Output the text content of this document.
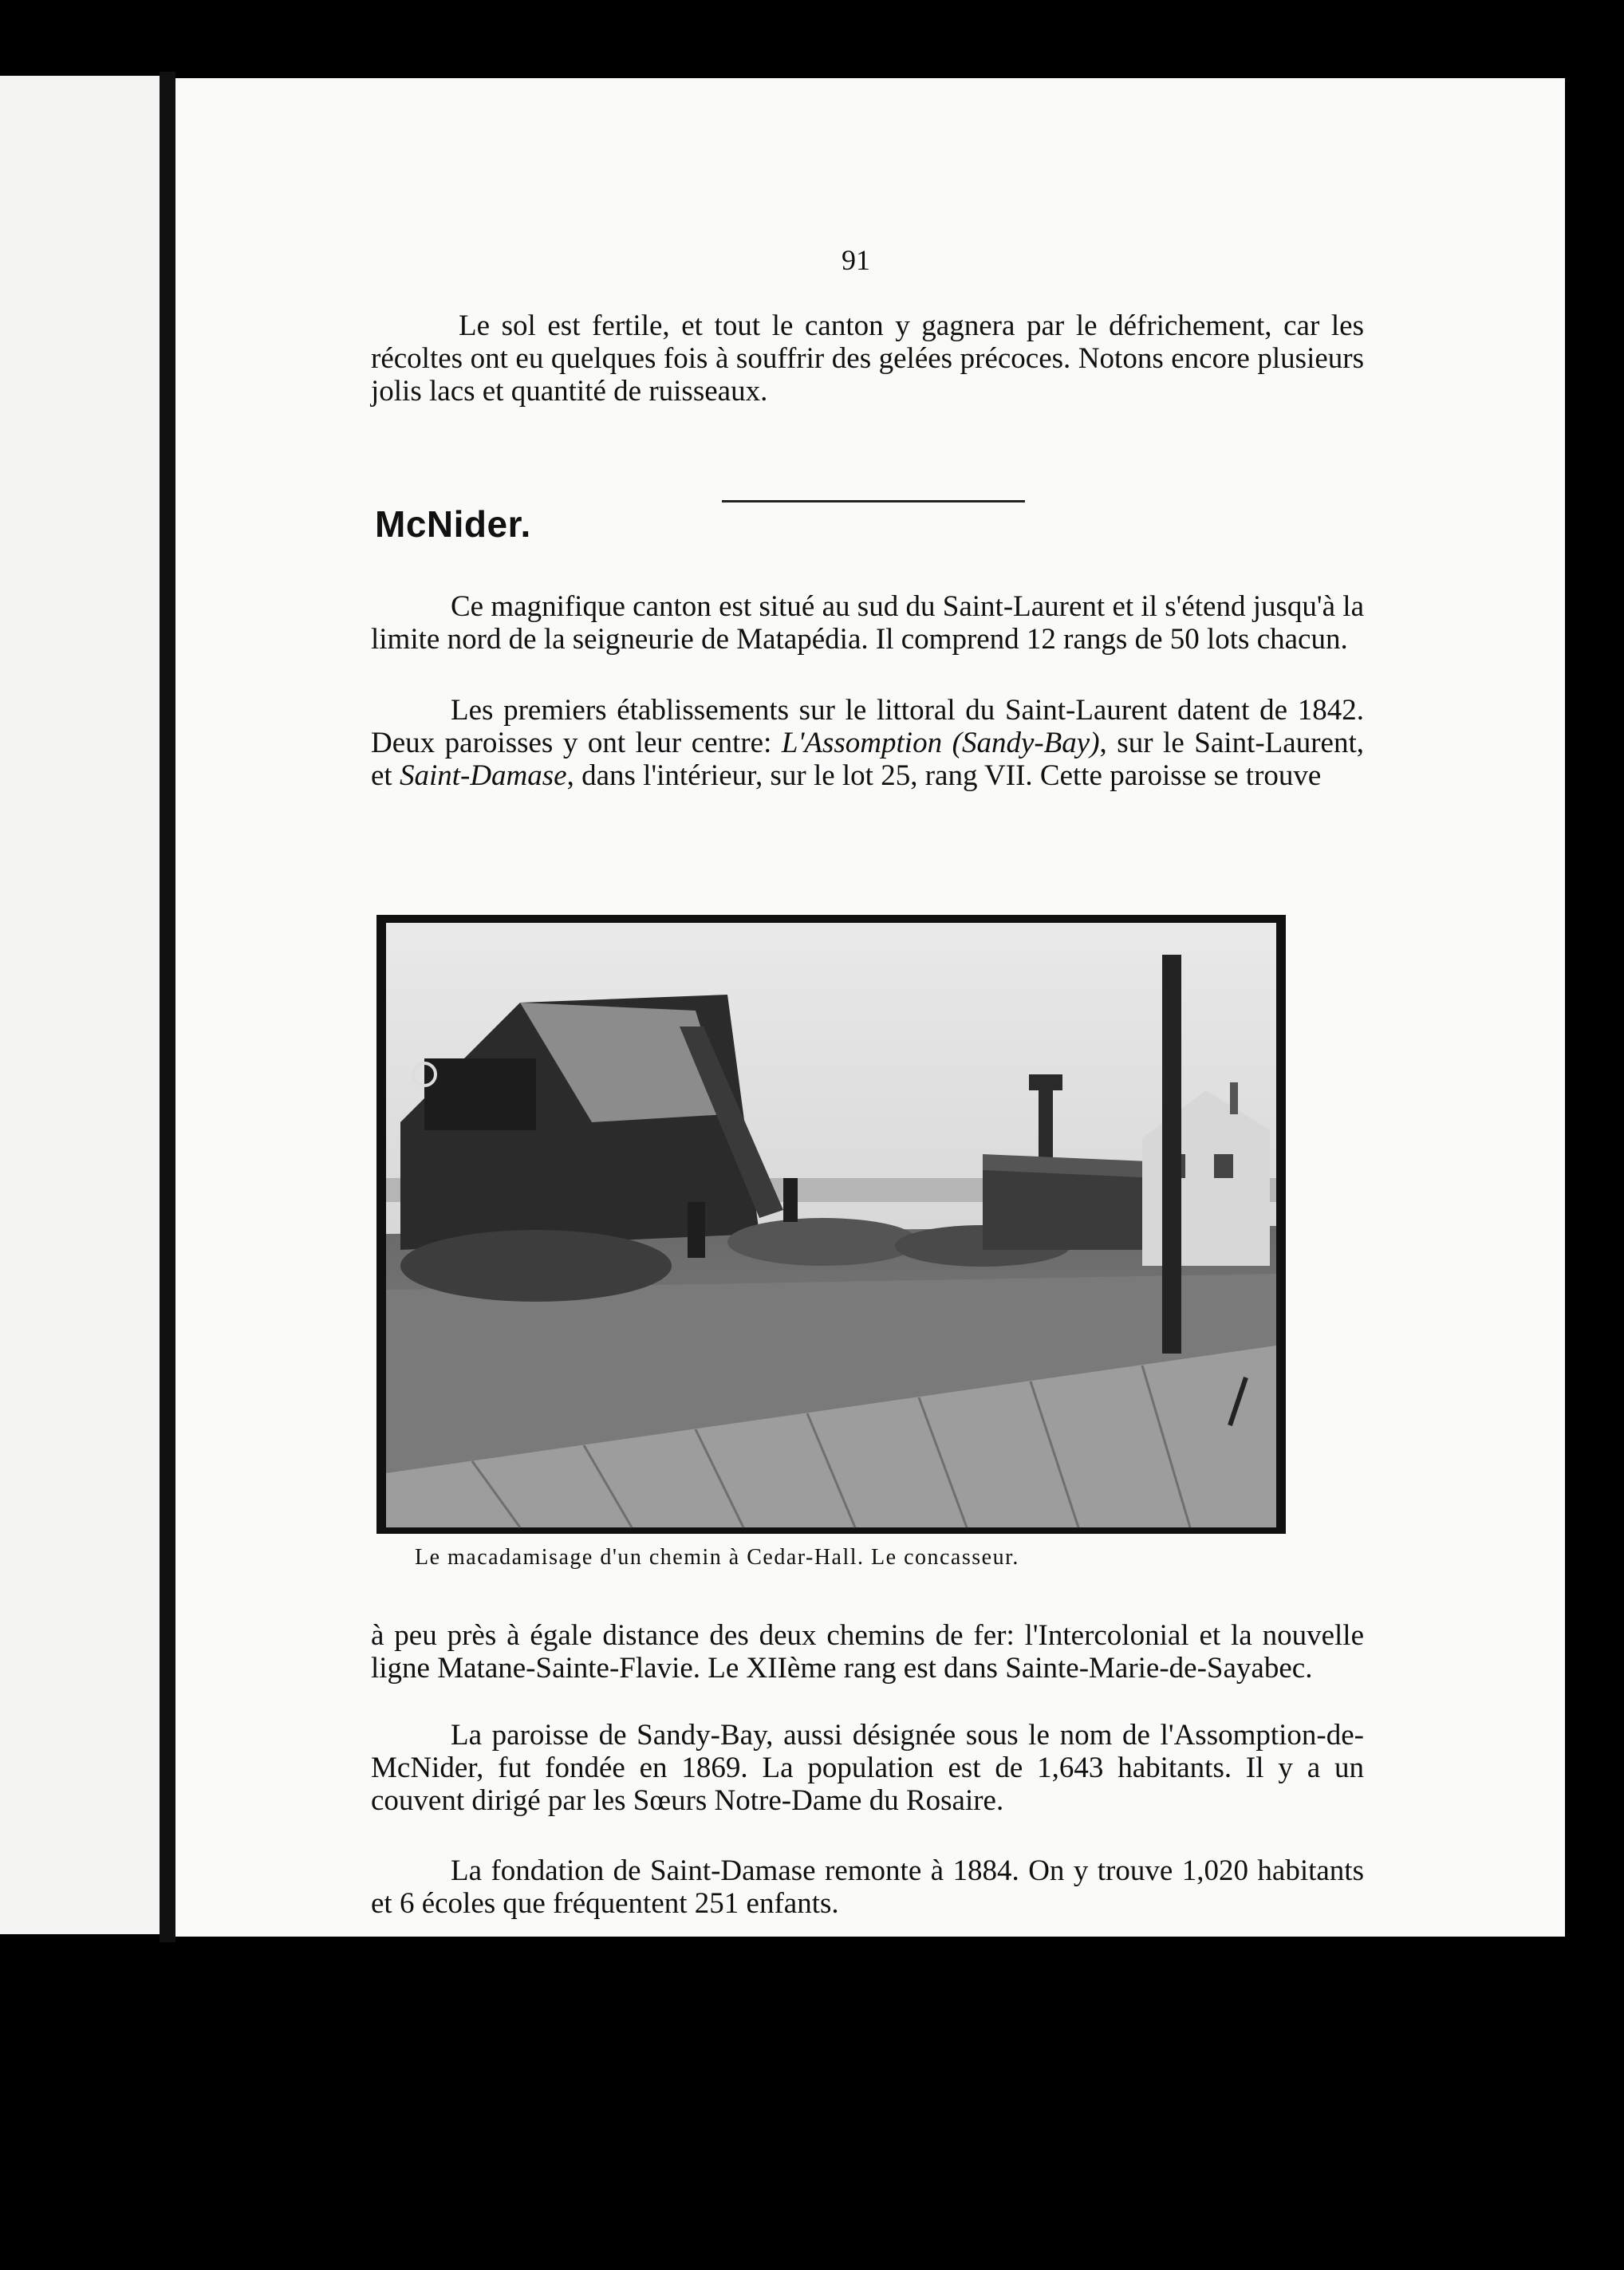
91

Le sol est fertile, et tout le canton y gagnera par le défrichement, car les récoltes ont eu quelques fois à souffrir des gelées précoces. Notons encore plusieurs jolis lacs et quantité de ruisseaux.

McNider.

Ce magnifique canton est situé au sud du Saint-Laurent et il s'étend jusqu'à la limite nord de la seigneurie de Matapédia. Il comprend 12 rangs de 50 lots chacun.

Les premiers établissements sur le littoral du Saint-Laurent datent de 1842. Deux paroisses y ont leur centre: L'Assomption (Sandy-Bay), sur le Saint-Laurent, et Saint-Damase, dans l'intérieur, sur le lot 25, rang VII. Cette paroisse se trouve

Le macadamisage d'un chemin à Cedar-Hall. Le concasseur.

à peu près à égale distance des deux chemins de fer: l'Intercolonial et la nouvelle ligne Matane-Sainte-Flavie. Le XIIème rang est dans Sainte-Marie-de-Sayabec.

La paroisse de Sandy-Bay, aussi désignée sous le nom de l'Assomption-de-McNider, fut fondée en 1869. La population est de 1,643 habitants. Il y a un couvent dirigé par les Sœurs Notre-Dame du Rosaire.

La fondation de Saint-Damase remonte à 1884. On y trouve 1,020 habitants et 6 écoles que fréquentent 251 enfants.
